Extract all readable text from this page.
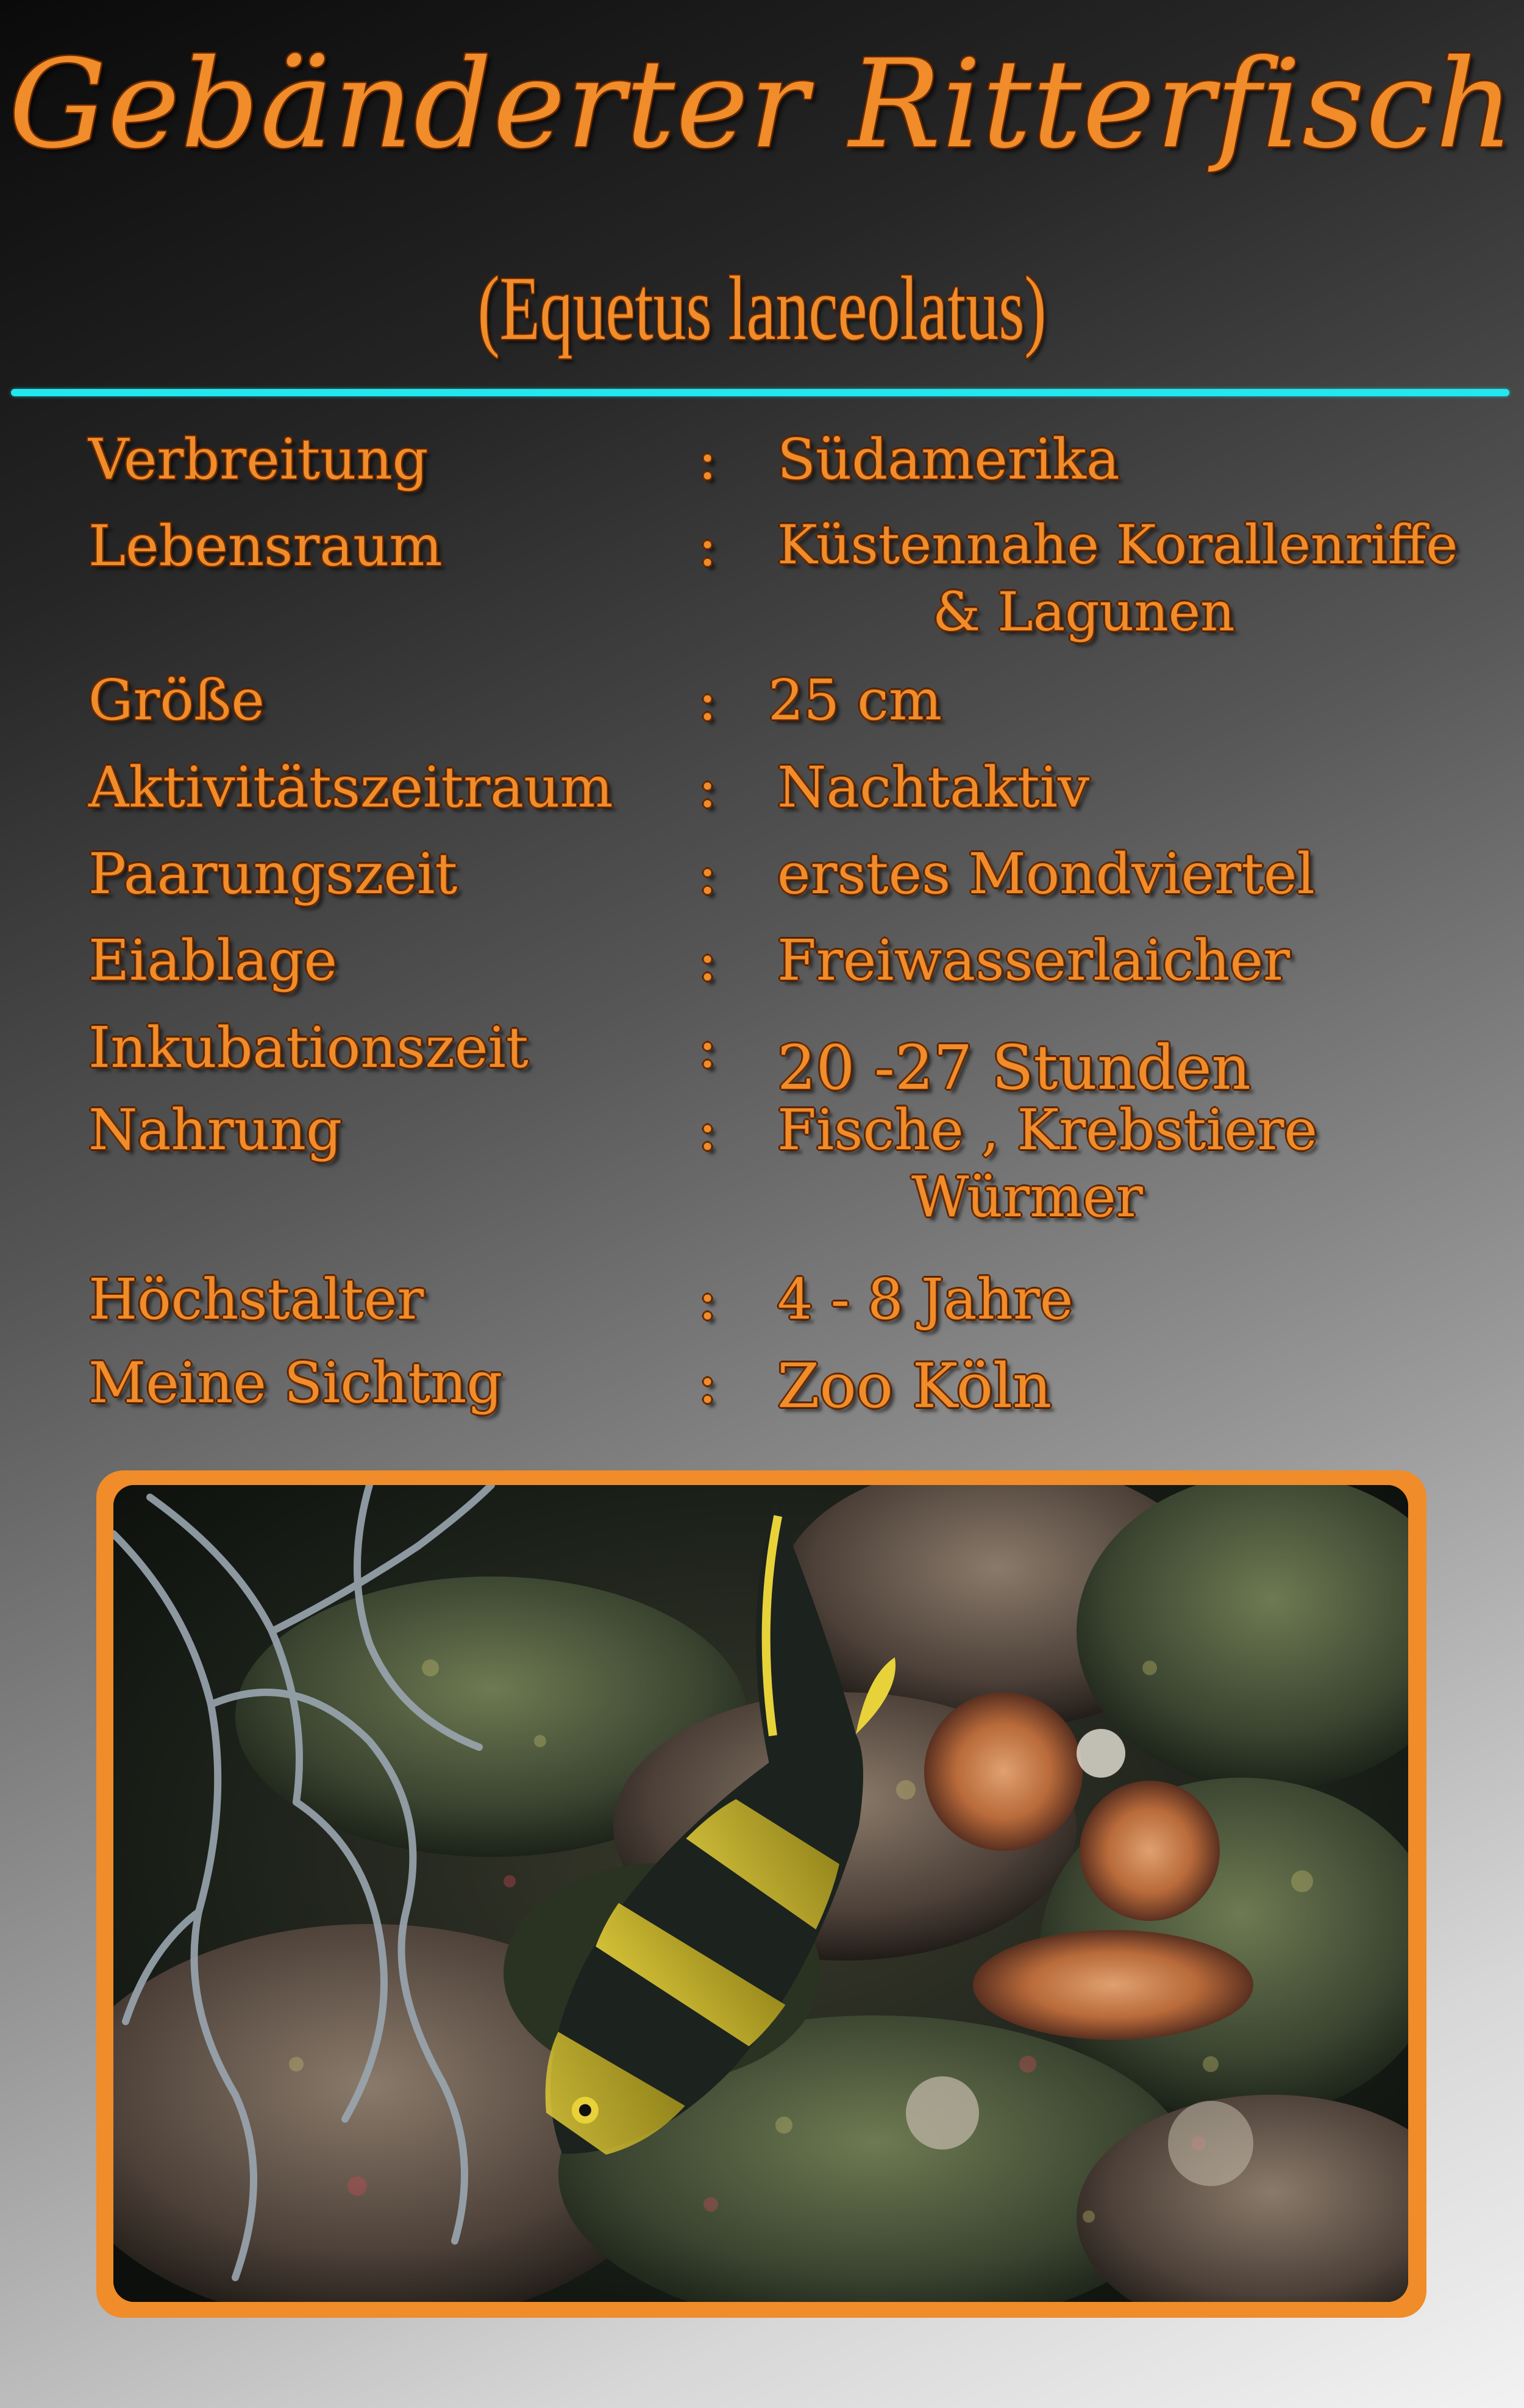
Gebänderter Ritterfisch
(Equetus lanceolatus)
Verbreitung	: Südamerika
Lebensraum	: Küstennahe Korallenriffe
& Lagunen
Größe	: 25 cm
Aktivitätszeitraum : Nachtaktiv
Paarungszeit	: erstes Mondviertel
Eiablage	: Freiwasserlaicher
Inkubationszeit	: 20 -27 Stunden
Nahrung	: Fische , Krebstiere
Würmer
Höchstalter	: 4 - 8 Jahre
Meine Sichtng	: Zoo Köln
